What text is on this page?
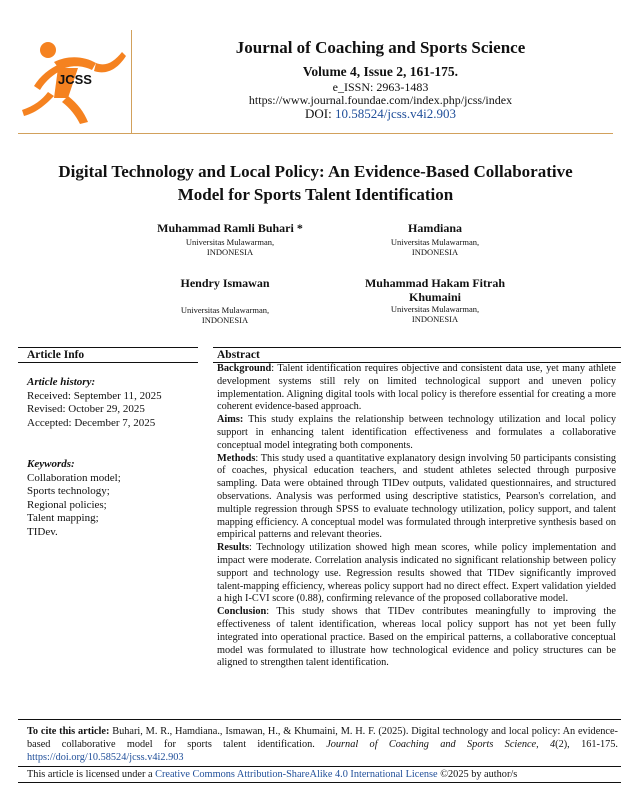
JCSS
Journal of Coaching and Sports Science
Volume 4, Issue 2, 161-175.
e_ISSN: 2963-1483
https://www.journal.foundae.com/index.php/jcss/index
DOI: 10.58524/jcss.v4i2.903
Digital Technology and Local Policy: An Evidence-Based Collaborative
Model for Sports Talent Identification
Muhammad Ramli Buhari *
Universitas Mulawarman,
INDONESIA
Hamdiana
Universitas Mulawarman,
INDONESIA
Hendry Ismawan
Universitas Mulawarman,
INDONESIA
Muhammad Hakam Fitrah
Khumaini
Universitas Mulawarman,
INDONESIA
Article Info	Abstract
Article history:
Received: September 11, 2025
Revised: October 29, 2025
Accepted: December 7, 2025
Keywords:
Collaboration model;
Sports technology;
Regional policies;
Talent mapping;
TIDev.

Background: Talent identification requires objective and consistent data use, yet many athlete development systems still rely on limited technological support and uneven policy implementation. Aligning digital tools with local policy is therefore essential for creating a more coherent evidence-based approach.

Aims: This study explains the relationship between technology utilization and local policy support in enhancing talent identification effectiveness and formulates a collaborative conceptual model integrating both components.

Methods: This study used a quantitative explanatory design involving 50 participants consisting of coaches, physical education teachers, and student athletes selected through purposive sampling. Data were obtained through TIDev outputs, validated questionnaires, and structured observations. Analysis was performed using descriptive statistics, Pearson's correlation, and multiple regression through SPSS to evaluate technology utilization, policy support, and talent mapping efficiency. A conceptual model was formulated through interpretive synthesis based on empirical patterns and relevant theories.

Results: Technology utilization showed high mean scores, while policy implementation and impact were moderate. Correlation analysis indicated no significant relationship between policy support and technology use. Regression results showed that TIDev significantly improved talent-mapping efficiency, whereas policy support had no direct effect. Expert validation yielded a high I-CVI score (0.88), confirming relevance of the proposed collaborative model.

Conclusion: This study shows that TIDev contributes meaningfully to improving the effectiveness of talent identification, whereas local policy support has not yet been fully integrated into operational practice. Based on the empirical patterns, a collaborative conceptual model was formulated to illustrate how technological evidence and policy structures can be aligned to strengthen talent identification.

To cite this article: Buhari, M. R., Hamdiana., Ismawan, H., & Khumaini, M. H. F. (2025). Digital technology and local policy: An evidence-based collaborative model for sports talent identification. Journal of Coaching and Sports Science, 4(2), 161-175. https://doi.org/10.58524/jcss.v4i2.903
This article is licensed under a Creative Commons Attribution-ShareAlike 4.0 International License ©2025 by author/s
